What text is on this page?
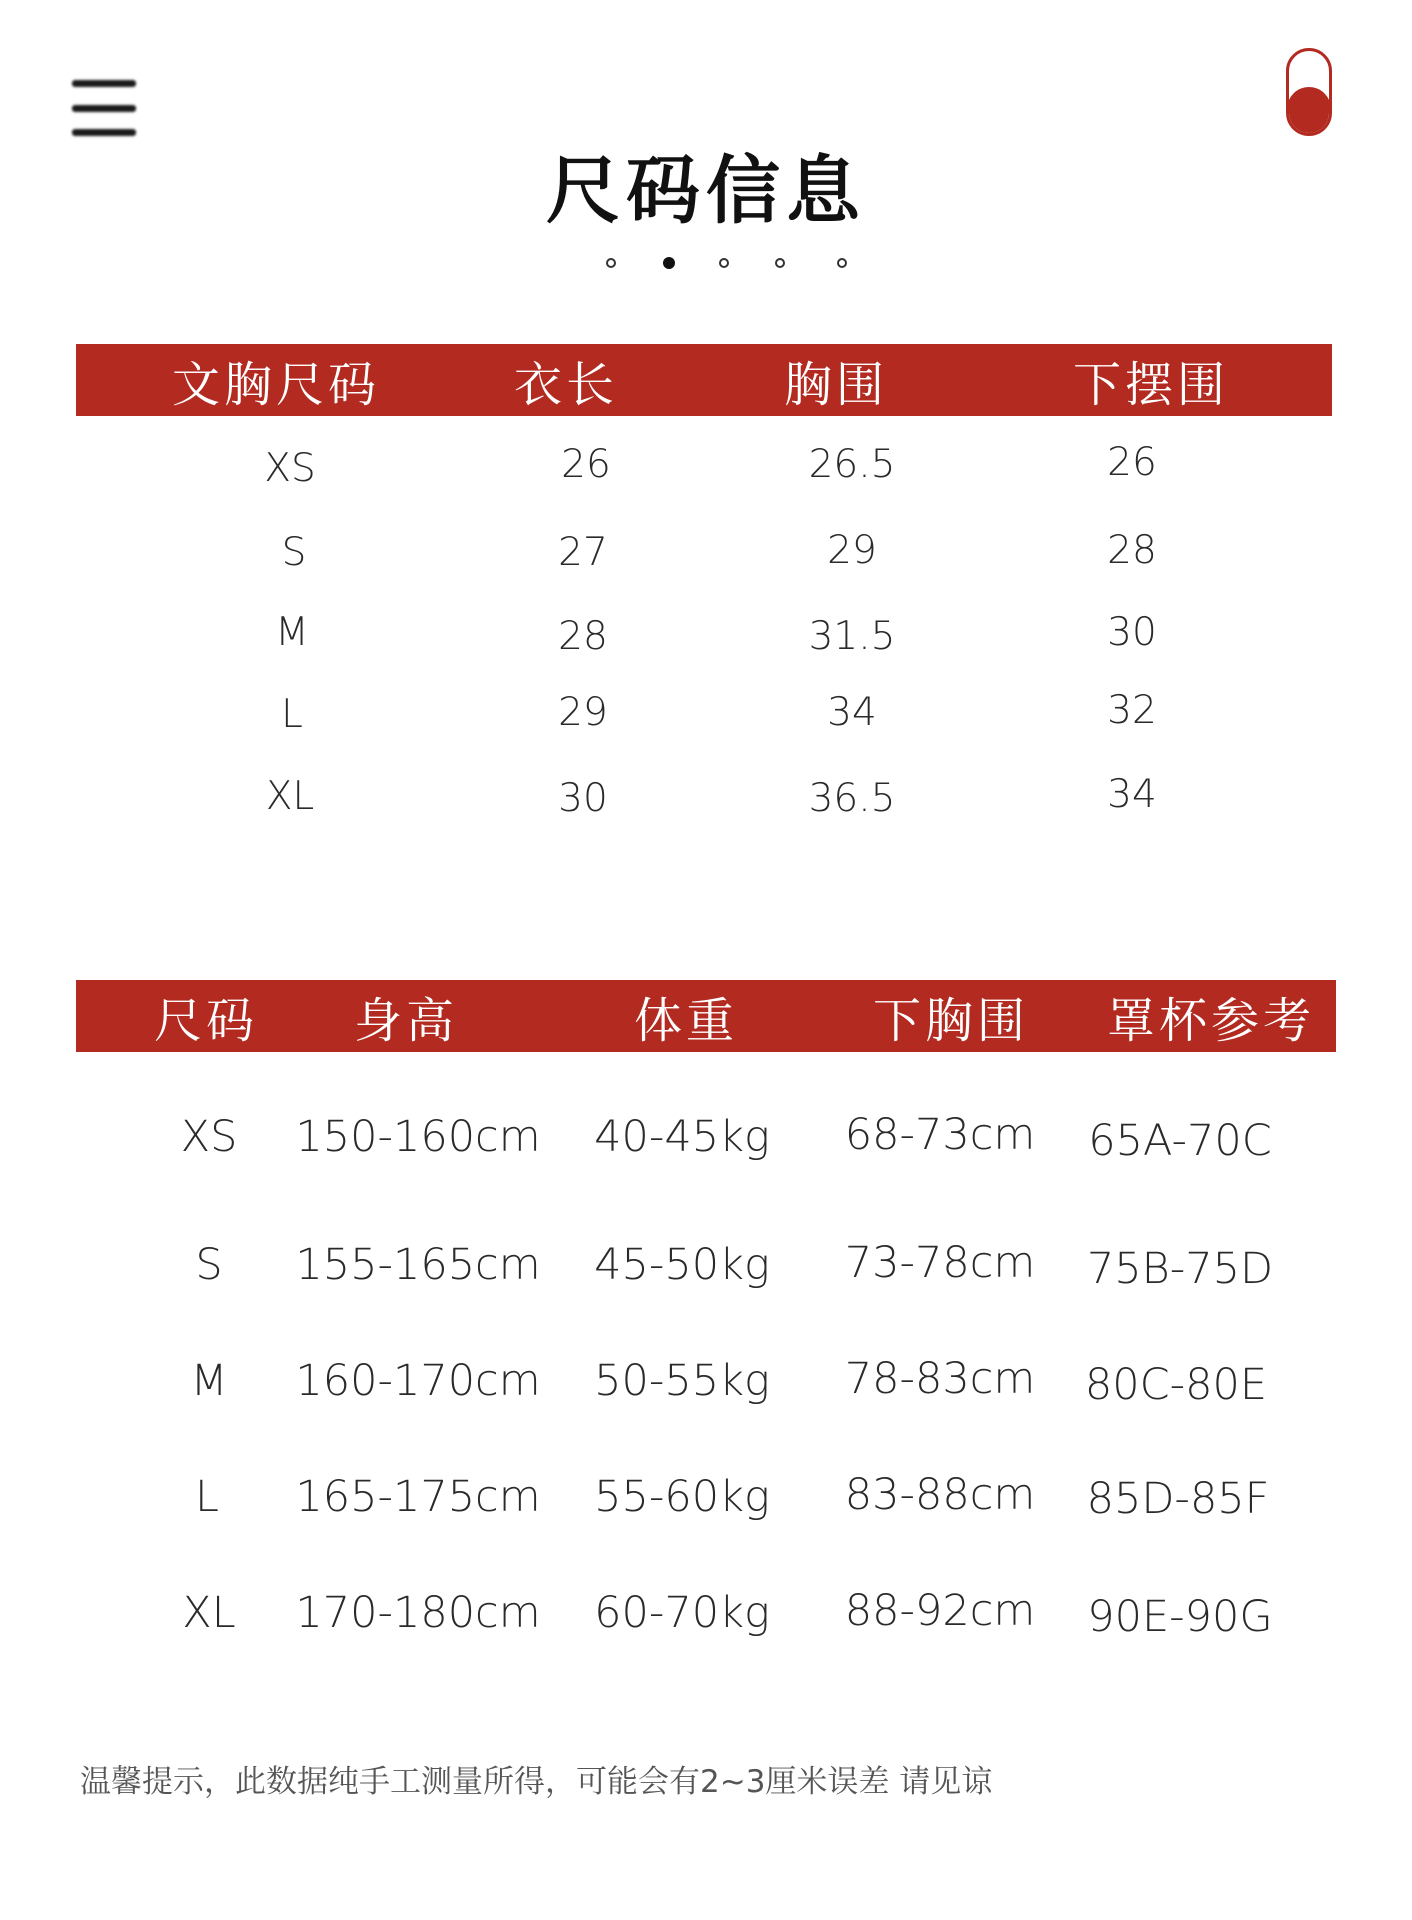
尺码信息
文胸尺码	衣长	胸围	下摆围
XS	26	26.5	26
S	27	29	28
M	28	31.5	30
L	29	34	32
XL	30	36.5	34
尺码 身高	体重	下胸围	罩杯参考
XS 150-160cm 40-45kg 68-73cm 65A-70C
S 155-165cm 45-50kg 73-78cm 75B-75D
M 160-170cm 50-55kg 78-83cm 80C-80E
L 165-175cm 55-60kg 83-88cm 85D-85F
XL 170-180cm 60-70kg 88-92cm 90E-90G
温馨提示，此数据纯手工测量所得，可能会有2~3厘米误差 请见谅
